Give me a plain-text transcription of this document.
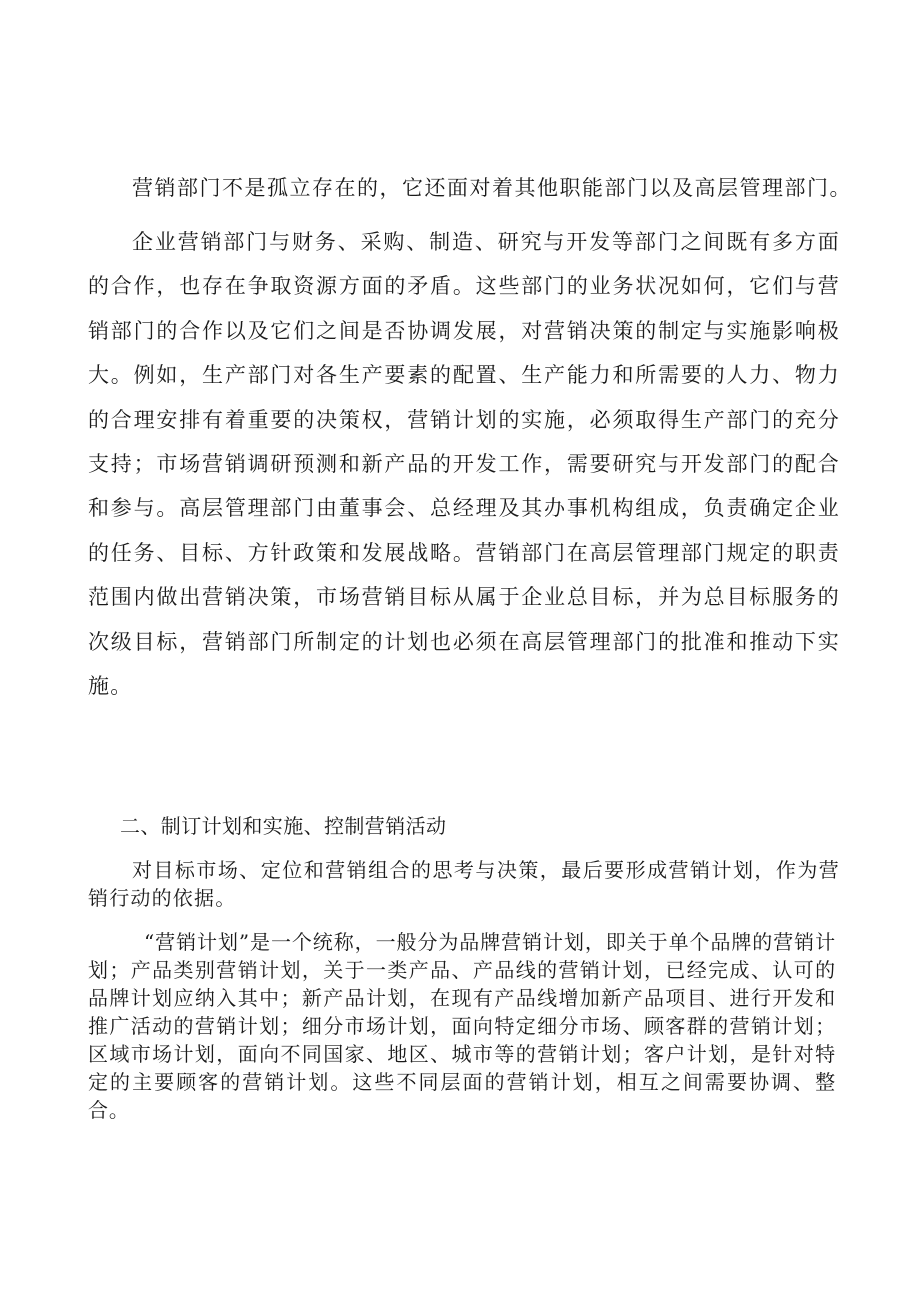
营销部门不是孤立存在的，它还面对着其他职能部门以及高层管理部门。

企业营销部门与财务、采购、制造、研究与开发等部门之间既有多方面的合作，也存在争取资源方面的矛盾。这些部门的业务状况如何，它们与营销部门的合作以及它们之间是否协调发展，对营销决策的制定与实施影响极大。例如，生产部门对各生产要素的配置、生产能力和所需要的人力、物力的合理安排有着重要的决策权，营销计划的实施，必须取得生产部门的充分支持；市场营销调研预测和新产品的开发工作，需要研究与开发部门的配合和参与。高层管理部门由董事会、总经理及其办事机构组成，负责确定企业的任务、目标、方针政策和发展战略。营销部门在高层管理部门规定的职责范围内做出营销决策，市场营销目标从属于企业总目标，并为总目标服务的次级目标，营销部门所制定的计划也必须在高层管理部门的批准和推动下实施。

二、制订计划和实施、控制营销活动

对目标市场、定位和营销组合的思考与决策，最后要形成营销计划，作为营销行动的依据。

“营销计划”是一个统称，一般分为品牌营销计划，即关于单个品牌的营销计划；产品类别营销计划，关于一类产品、产品线的营销计划，已经完成、认可的品牌计划应纳入其中；新产品计划，在现有产品线增加新产品项目、进行开发和推广活动的营销计划；细分市场计划，面向特定细分市场、顾客群的营销计划；区域市场计划，面向不同国家、地区、城市等的营销计划；客户计划，是针对特定的主要顾客的营销计划。这些不同层面的营销计划，相互之间需要协调、整合。
